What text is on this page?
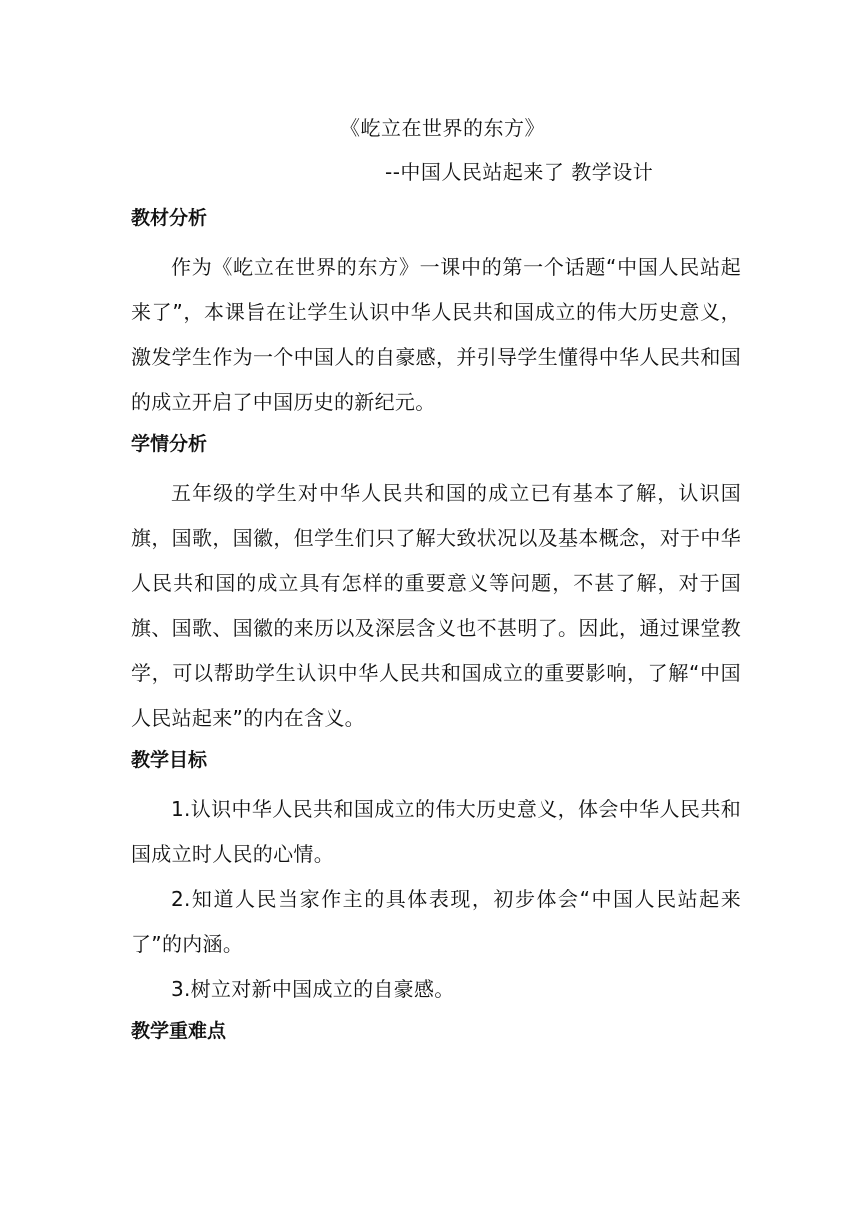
《屹立在世界的东方》
--中国人民站起来了 教学设计
教材分析

作为《屹立在世界的东方》一课中的第一个话题“中国人民站起来了”，本课旨在让学生认识中华人民共和国成立的伟大历史意义，激发学生作为一个中国人的自豪感，并引导学生懂得中华人民共和国的成立开启了中国历史的新纪元。

学情分析

五年级的学生对中华人民共和国的成立已有基本了解，认识国旗，国歌，国徽，但学生们只了解大致状况以及基本概念，对于中华人民共和国的成立具有怎样的重要意义等问题，不甚了解，对于国旗、国歌、国徽的来历以及深层含义也不甚明了。因此，通过课堂教学，可以帮助学生认识中华人民共和国成立的重要影响，了解“中国人民站起来”的内在含义。

教学目标

1.认识中华人民共和国成立的伟大历史意义，体会中华人民共和国成立时人民的心情。

2.知道人民当家作主的具体表现，初步体会“中国人民站起来了”的内涵。

3.树立对新中国成立的自豪感。

教学重难点
